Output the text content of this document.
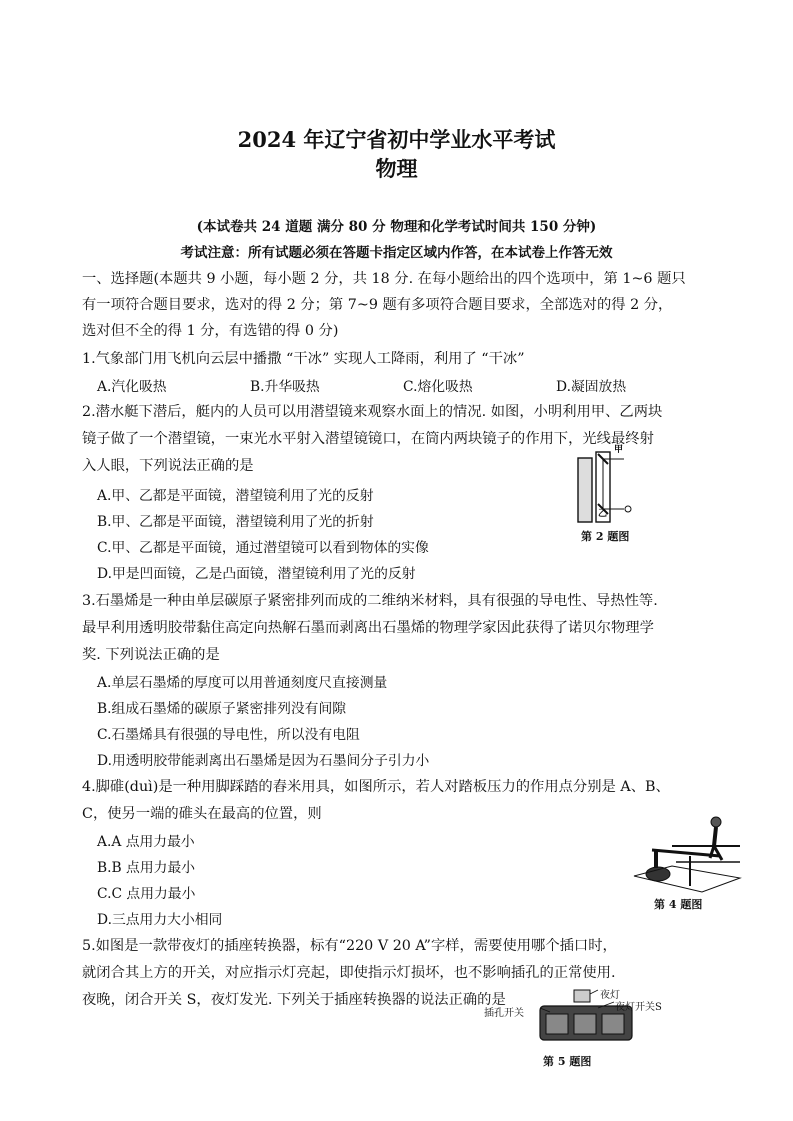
2024 年辽宁省初中学业水平考试
物理
(本试卷共 24 道题 满分 80 分 物理和化学考试时间共 150 分钟)
考试注意：所有试题必须在答题卡指定区域内作答，在本试卷上作答无效
一、选择题(本题共 9 小题，每小题 2 分，共 18 分. 在每小题给出的四个选项中，第 1~6 题只
有一项符合题目要求，选对的得 2 分；第 7~9 题有多项符合题目要求，全部选对的得 2 分，
选对但不全的得 1 分，有选错的得 0 分)
1.气象部门用飞机向云层中播撒 “干冰” 实现人工降雨，利用了 “干冰”
A.汽化吸热	B.升华吸热	C.熔化吸热	D.凝固放热
2.潜水艇下潜后，艇内的人员可以用潜望镜来观察水面上的情况. 如图，小明利用甲、乙两块
镜子做了一个潜望镜，一束光水平射入潜望镜镜口，在筒内两块镜子的作用下，光线最终射
入人眼，下列说法正确的是
A.甲、乙都是平面镜，潜望镜利用了光的反射
B.甲、乙都是平面镜，潜望镜利用了光的折射
C.甲、乙都是平面镜，通过潜望镜可以看到物体的实像
D.甲是凹面镜，乙是凸面镜，潜望镜利用了光的反射
甲
乙
第 2 题图
3.石墨烯是一种由单层碳原子紧密排列而成的二维纳米材料，具有很强的导电性、导热性等.
最早利用透明胶带黏住高定向热解石墨而剥离出石墨烯的物理学家因此获得了诺贝尔物理学
奖. 下列说法正确的是
A.单层石墨烯的厚度可以用普通刻度尺直接测量
B.组成石墨烯的碳原子紧密排列没有间隙
C.石墨烯具有很强的导电性，所以没有电阻
D.用透明胶带能剥离出石墨烯是因为石墨间分子引力小
4.脚碓(duì)是一种用脚踩踏的舂米用具，如图所示，若人对踏板压力的作用点分别是 A、B、
C，使另一端的碓头在最高的位置，则
A.A 点用力最小
B.B 点用力最小
C.C 点用力最小
D.三点用力大小相同
第 4 题图
5.如图是一款带夜灯的插座转换器，标有“220 V 20 A”字样，需要使用哪个插口时，
就闭合其上方的开关，对应指示灯亮起，即使指示灯损坏，也不影响插孔的正常使用.
夜晚，闭合开关 S，夜灯发光. 下列关于插座转换器的说法正确的是	夜灯
夜灯开关S
插孔开关
第 5 题图
